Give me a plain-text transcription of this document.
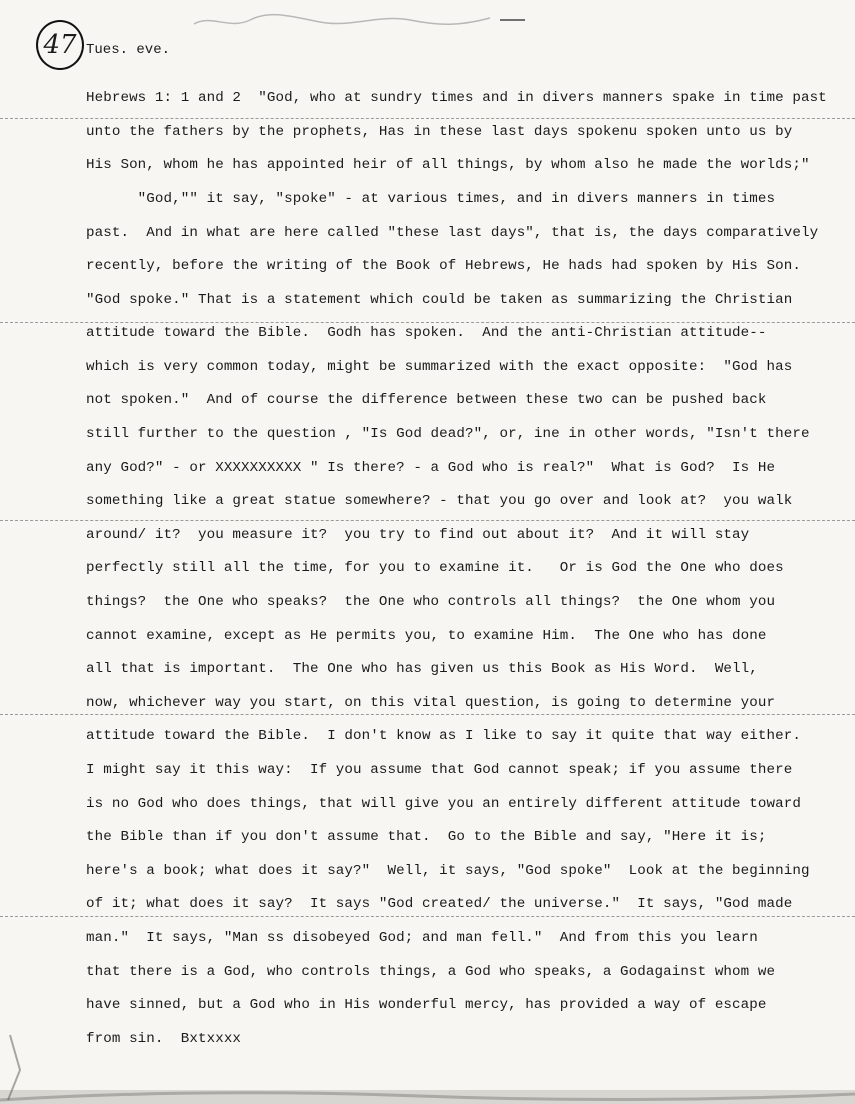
47 Tues. eve.
Hebrews 1: 1 and 2  "God, who at sundry times and in divers manners spake in time past
unto the fathers by the prophets, Has in these last days spokenu spoken unto us by
His Son, whom he has appointed heir of all things, by whom also he made the worlds;"
"God,"" it say, "spoke" - at various times, and in divers manners in times
past.  And in what are here called "these last days", that is, the days comparatively
recently, before the writing of the Book of Hebrews, He hads had spoken by His Son.
"God spoke." That is a statement which could be taken as summarizing the Christian
attitude toward the Bible.  Godh has spoken.  And the anti-Christian attitude--
which is very common today, might be summarized with the exact opposite:  "God has
not spoken."  And of course the difference between these two can be pushed back
still further to the question , "Is God dead?", or, ine in other words, "Isn't there
any God?" - or XXXXXXXXXX " Is there? - a God who is real?"  What is God?  Is He
something like a great statue somewhere? - that you go over and look at?  you walk
around/ it?  you measure it?  you try to find out about it?  And it will stay
perfectly still all the time, for you to examine it.   Or is God the One who does
things?  the One who speaks?  the One who controls all things?  the One whom you
cannot examine, except as He permits you, to examine Him.  The One who has done
all that is important.  The One who has given us this Book as His Word.  Well,
now, whichever way you start, on this vital question, is going to determine your
attitude toward the Bible.  I don't know as I like to say it quite that way either.
I might say it this way:  If you assume that God cannot speak; if you assume there
is no God who does things, that will give you an entirely different attitude toward
the Bible than if you don't assume that.  Go to the Bible and say, "Here it is;
here's a book; what does it say?"  Well, it says, "God spoke"  Look at the beginning
of it; what does it say?  It says "God created/ the universe."  It says, "God made
man."  It says, "Man ss disobeyed God; and man fell."  And from this you learn
that there is a God, who controls things, a God who speaks, a Godagainst whom we
have sinned, but a God who in His wonderful mercy, has provided a way of escape
from sin.  Bxtxxxx
